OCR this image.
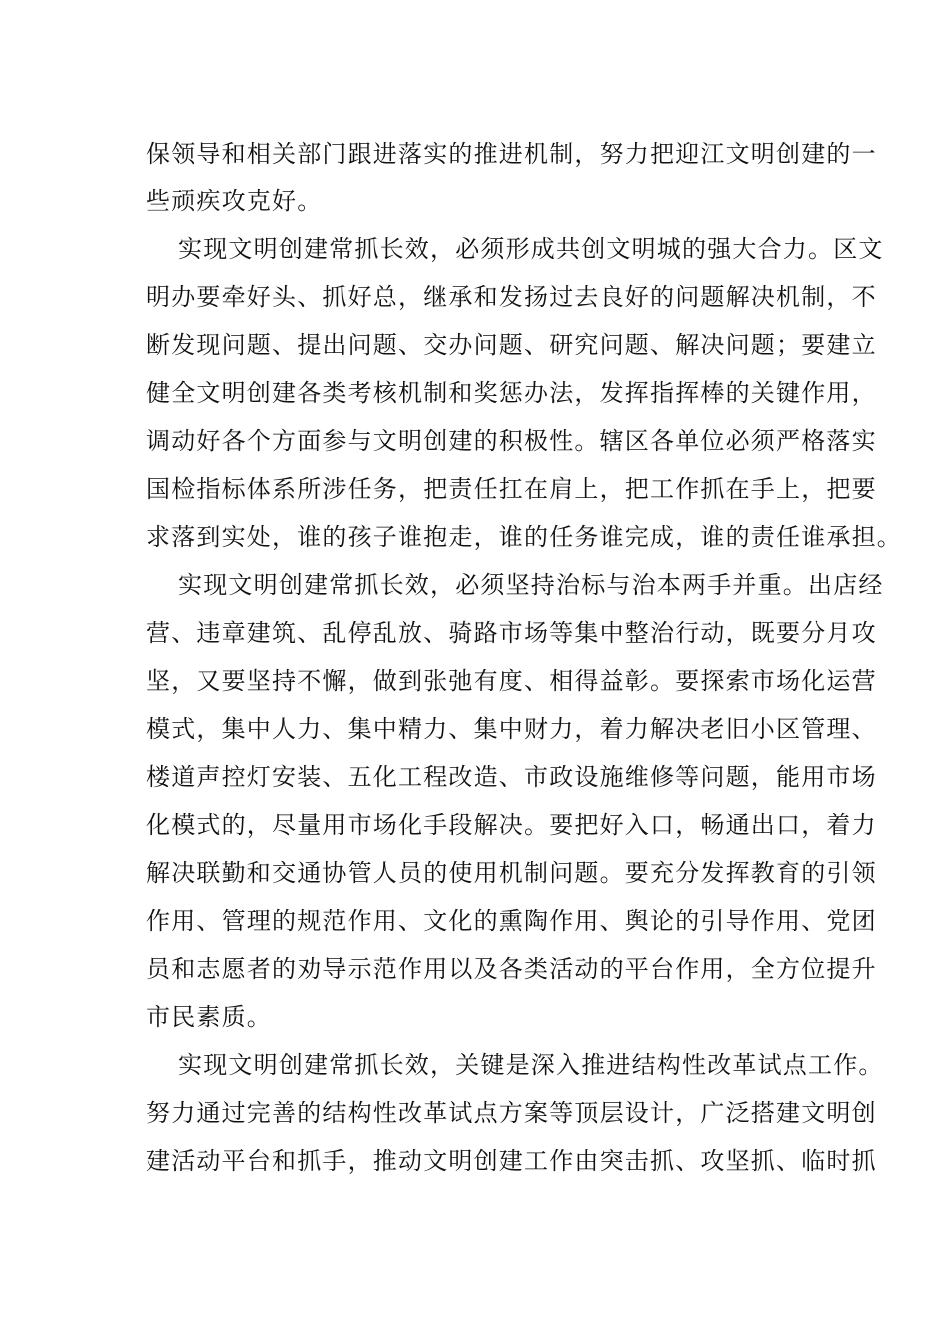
保领导和相关部门跟进落实的推进机制，努力把迎江文明创建的一
些顽疾攻克好。
实现文明创建常抓长效，必须形成共创文明城的强大合力。区文
明办要牵好头、抓好总，继承和发扬过去良好的问题解决机制，不
断发现问题、提出问题、交办问题、研究问题、解决问题；要建立
健全文明创建各类考核机制和奖惩办法，发挥指挥棒的关键作用，
调动好各个方面参与文明创建的积极性。辖区各单位必须严格落实
国检指标体系所涉任务，把责任扛在肩上，把工作抓在手上，把要
求落到实处，谁的孩子谁抱走，谁的任务谁完成，谁的责任谁承担。
实现文明创建常抓长效，必须坚持治标与治本两手并重。出店经
营、违章建筑、乱停乱放、骑路市场等集中整治行动，既要分月攻
坚，又要坚持不懈，做到张弛有度、相得益彰。要探索市场化运营
模式，集中人力、集中精力、集中财力，着力解决老旧小区管理、
楼道声控灯安装、五化工程改造、市政设施维修等问题，能用市场
化模式的，尽量用市场化手段解决。要把好入口，畅通出口，着力
解决联勤和交通协管人员的使用机制问题。要充分发挥教育的引领
作用、管理的规范作用、文化的熏陶作用、舆论的引导作用、党团
员和志愿者的劝导示范作用以及各类活动的平台作用，全方位提升
市民素质。
实现文明创建常抓长效，关键是深入推进结构性改革试点工作。
努力通过完善的结构性改革试点方案等顶层设计，广泛搭建文明创
建活动平台和抓手，推动文明创建工作由突击抓、攻坚抓、临时抓
